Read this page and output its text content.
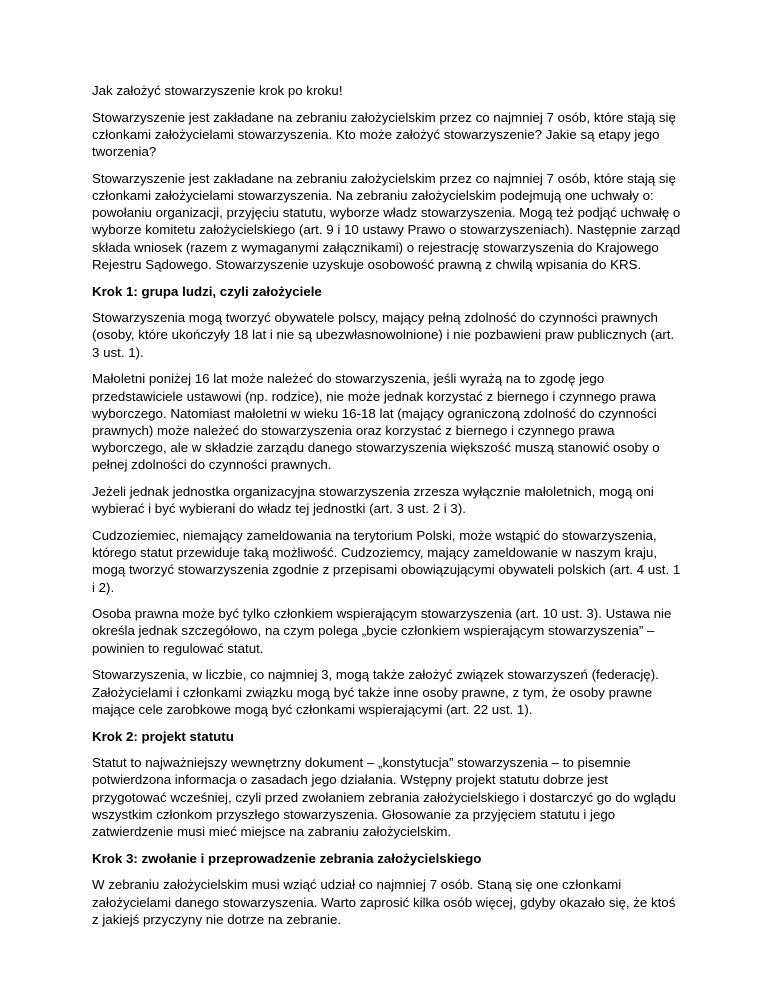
Jak założyć stowarzyszenie krok po kroku!

Stowarzyszenie jest zakładane na zebraniu założycielskim przez co najmniej 7 osób, które stają się członkami założycielami stowarzyszenia. Kto może założyć stowarzyszenie? Jakie są etapy jego tworzenia?

Stowarzyszenie jest zakładane na zebraniu założycielskim przez co najmniej 7 osób, które stają się członkami założycielami stowarzyszenia. Na zebraniu założycielskim podejmują one uchwały o: powołaniu organizacji, przyjęciu statutu, wyborze władz stowarzyszenia. Mogą też podjąć uchwałę o wyborze komitetu założycielskiego (art. 9 i 10 ustawy Prawo o stowarzyszeniach). Następnie zarząd składa wniosek (razem z wymaganymi załącznikami) o rejestrację stowarzyszenia do Krajowego Rejestru Sądowego. Stowarzyszenie uzyskuje osobowość prawną z chwilą wpisania do KRS.

Krok 1: grupa ludzi, czyli założyciele

Stowarzyszenia mogą tworzyć obywatele polscy, mający pełną zdolność do czynności prawnych (osoby, które ukończyły 18 lat i nie są ubezwłasnowolnione) i nie pozbawieni praw publicznych (art. 3 ust. 1).

Małoletni poniżej 16 lat może należeć do stowarzyszenia, jeśli wyrażą na to zgodę jego przedstawiciele ustawowi (np. rodzice), nie może jednak korzystać z biernego i czynnego prawa wyborczego. Natomiast małoletni w wieku 16-18 lat (mający ograniczoną zdolność do czynności prawnych) może należeć do stowarzyszenia oraz korzystać z biernego i czynnego prawa wyborczego, ale w składzie zarządu danego stowarzyszenia większość muszą stanowić osoby o pełnej zdolności do czynności prawnych.

Jeżeli jednak jednostka organizacyjna stowarzyszenia zrzesza wyłącznie małoletnich, mogą oni wybierać i być wybierani do władz tej jednostki (art. 3 ust. 2 i 3).

Cudzoziemiec, niemający zameldowania na terytorium Polski, może wstąpić do stowarzyszenia, którego statut przewiduje taką możliwość. Cudzoziemcy, mający zameldowanie w naszym kraju, mogą tworzyć stowarzyszenia zgodnie z przepisami obowiązującymi obywateli polskich (art. 4 ust. 1 i 2).

Osoba prawna może być tylko członkiem wspierającym stowarzyszenia (art. 10 ust. 3). Ustawa nie określa jednak szczegółowo, na czym polega „bycie członkiem wspierającym stowarzyszenia” – powinien to regulować statut.

Stowarzyszenia, w liczbie, co najmniej 3, mogą także założyć związek stowarzyszeń (federację). Założycielami i członkami związku mogą być także inne osoby prawne, z tym, że osoby prawne mające cele zarobkowe mogą być członkami wspierającymi (art. 22 ust. 1).

Krok 2: projekt statutu

Statut to najważniejszy wewnętrzny dokument – „konstytucja” stowarzyszenia – to pisemnie potwierdzona informacja o zasadach jego działania. Wstępny projekt statutu dobrze jest przygotować wcześniej, czyli przed zwołaniem zebrania założycielskiego i dostarczyć go do wglądu wszystkim członkom przyszłego stowarzyszenia. Głosowanie za przyjęciem statutu i jego zatwierdzenie musi mieć miejsce na zabraniu założycielskim.

Krok 3: zwołanie i przeprowadzenie zebrania założycielskiego

W zebraniu założycielskim musi wziąć udział co najmniej 7 osób. Staną się one członkami założycielami danego stowarzyszenia. Warto zaprosić kilka osób więcej, gdyby okazało się, że ktoś z jakiejś przyczyny nie dotrze na zebranie.
